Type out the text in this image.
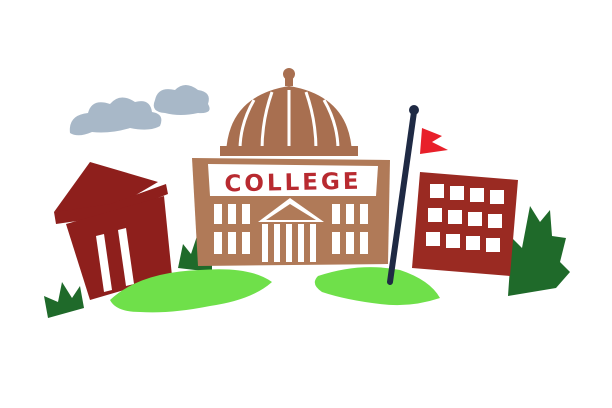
COLLEGE
